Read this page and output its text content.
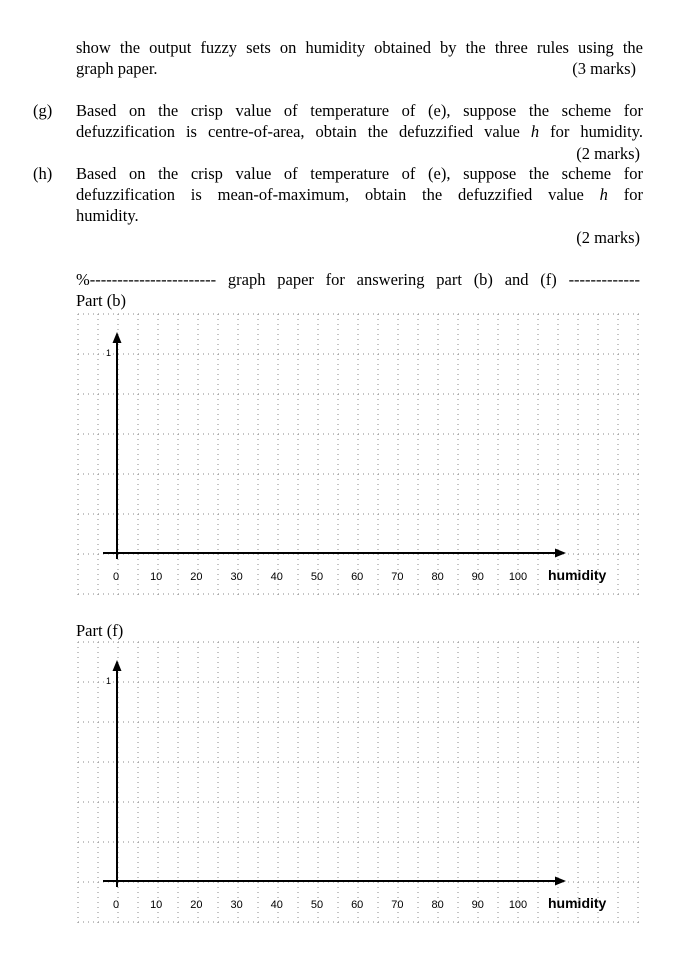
show the output fuzzy sets on humidity obtained by the three rules using the
graph paper.	(3 marks)
(g) Based on the crisp value of temperature of (e), suppose the scheme for
defuzzification is centre-of-area, obtain the defuzzified value h for humidity.
(2 marks)
(h) Based on the crisp value of temperature of (e), suppose the scheme for
defuzzification is mean-of-maximum, obtain the defuzzified value h for
humidity.
(2 marks)
%----------------------- graph paper for answering part (b) and (f) -------------
Part (b)
1
0	10	20	30	40	50	60	70	80	90 100 humidity
Part (f)
1
0	10	20	30	40	50	60	70	80	90 100 humidity
